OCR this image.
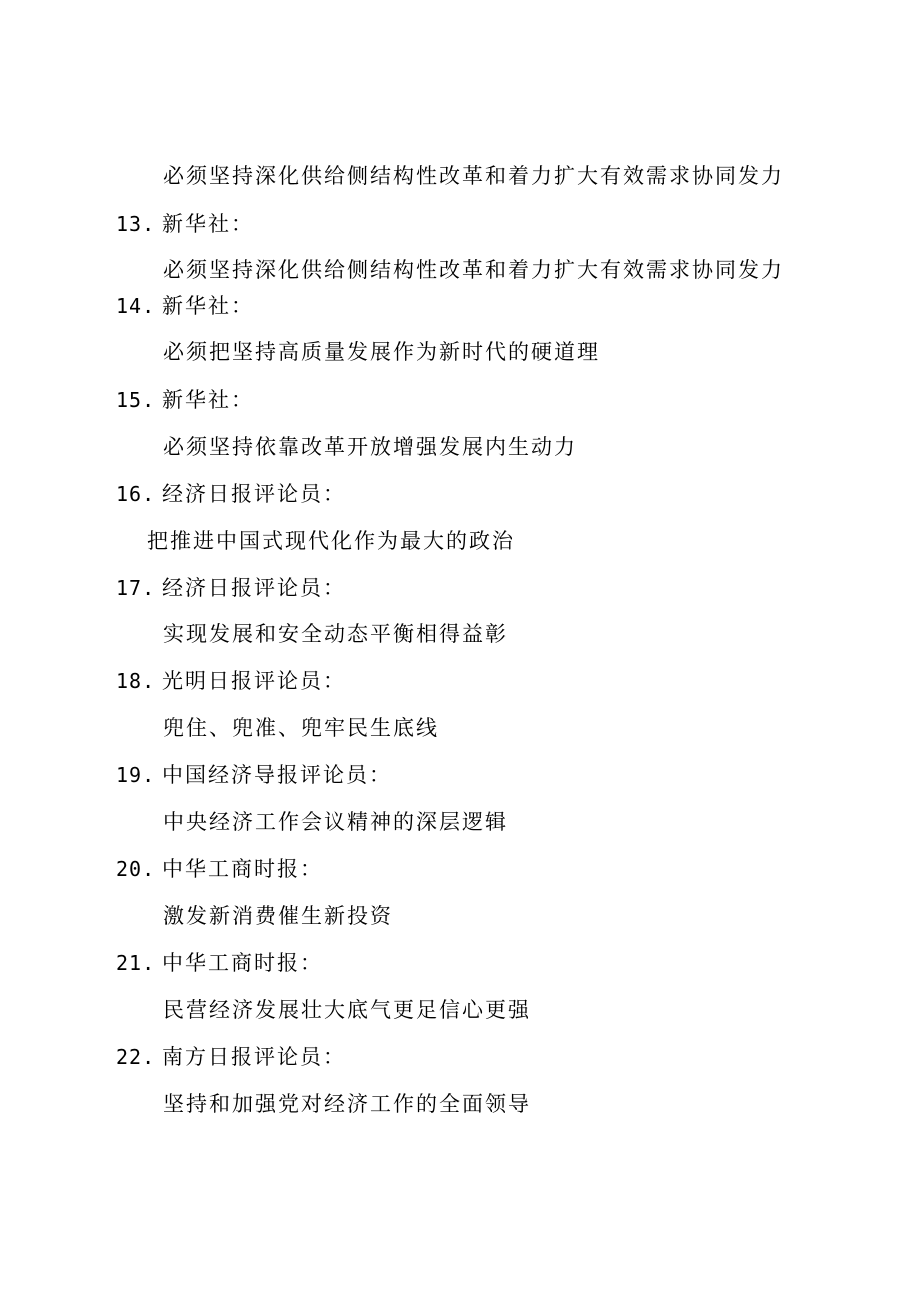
必须坚持深化供给侧结构性改革和着力扩大有效需求协同发力
13. 新华社：
必须坚持深化供给侧结构性改革和着力扩大有效需求协同发力
14. 新华社：
必须把坚持高质量发展作为新时代的硬道理
15. 新华社：
必须坚持依靠改革开放增强发展内生动力
16. 经济日报评论员：
把推进中国式现代化作为最大的政治
17. 经济日报评论员：
实现发展和安全动态平衡相得益彰
18. 光明日报评论员：
兜住、兜准、兜牢民生底线
19. 中国经济导报评论员：
中央经济工作会议精神的深层逻辑
20. 中华工商时报：
激发新消费催生新投资
21. 中华工商时报：
民营经济发展壮大底气更足信心更强
22. 南方日报评论员：
坚持和加强党对经济工作的全面领导
